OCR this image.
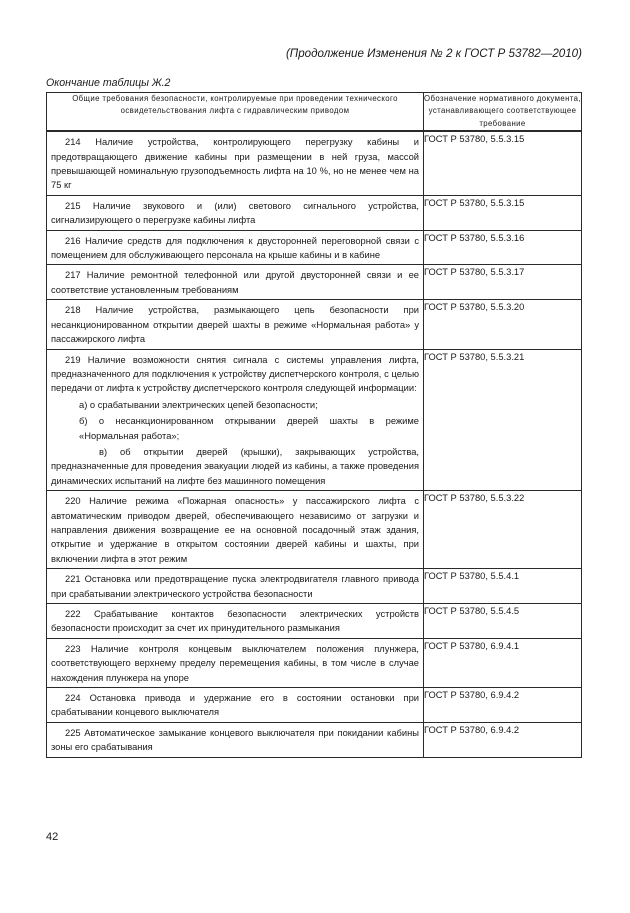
(Продолжение Изменения № 2 к ГОСТ Р 53782—2010)
Окончание таблицы Ж.2
Общие требования безопасности, контролируемые при проведении технического освидетельствования лифта с гидравлическим приводом	Обозначение нормативного документа, устанавливающего соответствующее требование

214 Наличие устройства, контролирующего перегрузку кабины и предотвращающего движение кабины при размещении в ней груза, массой превышающей номинальную грузоподъемность лифта на 10 %, но не менее чем на 75 кг	ГОСТ Р 53780, 5.5.3.15

215 Наличие звукового и (или) светового сигнального устройства, сигнализирующего о перегрузке кабины лифта	ГОСТ Р 53780, 5.5.3.15

216 Наличие средств для подключения к двусторонней переговорной связи с помещением для обслуживающего персонала на крыше кабины и в кабине	ГОСТ Р 53780, 5.5.3.16

217 Наличие ремонтной телефонной или другой двусторонней связи и ее соответствие установленным требованиям	ГОСТ Р 53780, 5.5.3.17

218 Наличие устройства, размыкающего цепь безопасности при несанкционированном открытии дверей шахты в режиме «Нормальная работа» у пассажирского лифта	ГОСТ Р 53780, 5.5.3.20

219 Наличие возможности снятия сигнала с системы управления лифта, предназначенного для подключения к устройству диспетчерского контроля, с целью передачи от лифта к устройству диспетчерского контроля следующей информации:
а) о срабатывании электрических цепей безопасности;
б) о несанкционированном открывании дверей шахты в режиме «Нормальная работа»;
в) об открытии дверей (крышки), закрывающих устройства, предназначенные для проведения эвакуации людей из кабины, а также проведения динамических испытаний на лифте без машинного помещения	ГОСТ Р 53780, 5.5.3.21

220 Наличие режима «Пожарная опасность» у пассажирского лифта с автоматическим приводом дверей, обеспечивающего независимо от загрузки и направления движения возвращение ее на основной посадочный этаж здания, открытие и удержание в открытом состоянии дверей кабины и шахты, при включении лифта в этот режим	ГОСТ Р 53780, 5.5.3.22

221 Остановка или предотвращение пуска электродвигателя главного привода при срабатывании электрического устройства безопасности	ГОСТ Р 53780, 5.5.4.1

222 Срабатывание контактов безопасности электрических устройств безопасности происходит за счет их принудительного размыкания	ГОСТ Р 53780, 5.5.4.5

223 Наличие контроля концевым выключателем положения плунжера, соответствующего верхнему пределу перемещения кабины, в том числе в случае нахождения плунжера на упоре	ГОСТ Р 53780, 6.9.4.1

224 Остановка привода и удержание его в состоянии остановки при срабатывании концевого выключателя	ГОСТ Р 53780, 6.9.4.2

225 Автоматическое замыкание концевого выключателя при покидании кабины зоны его срабатывания	ГОСТ Р 53780, 6.9.4.2
42
